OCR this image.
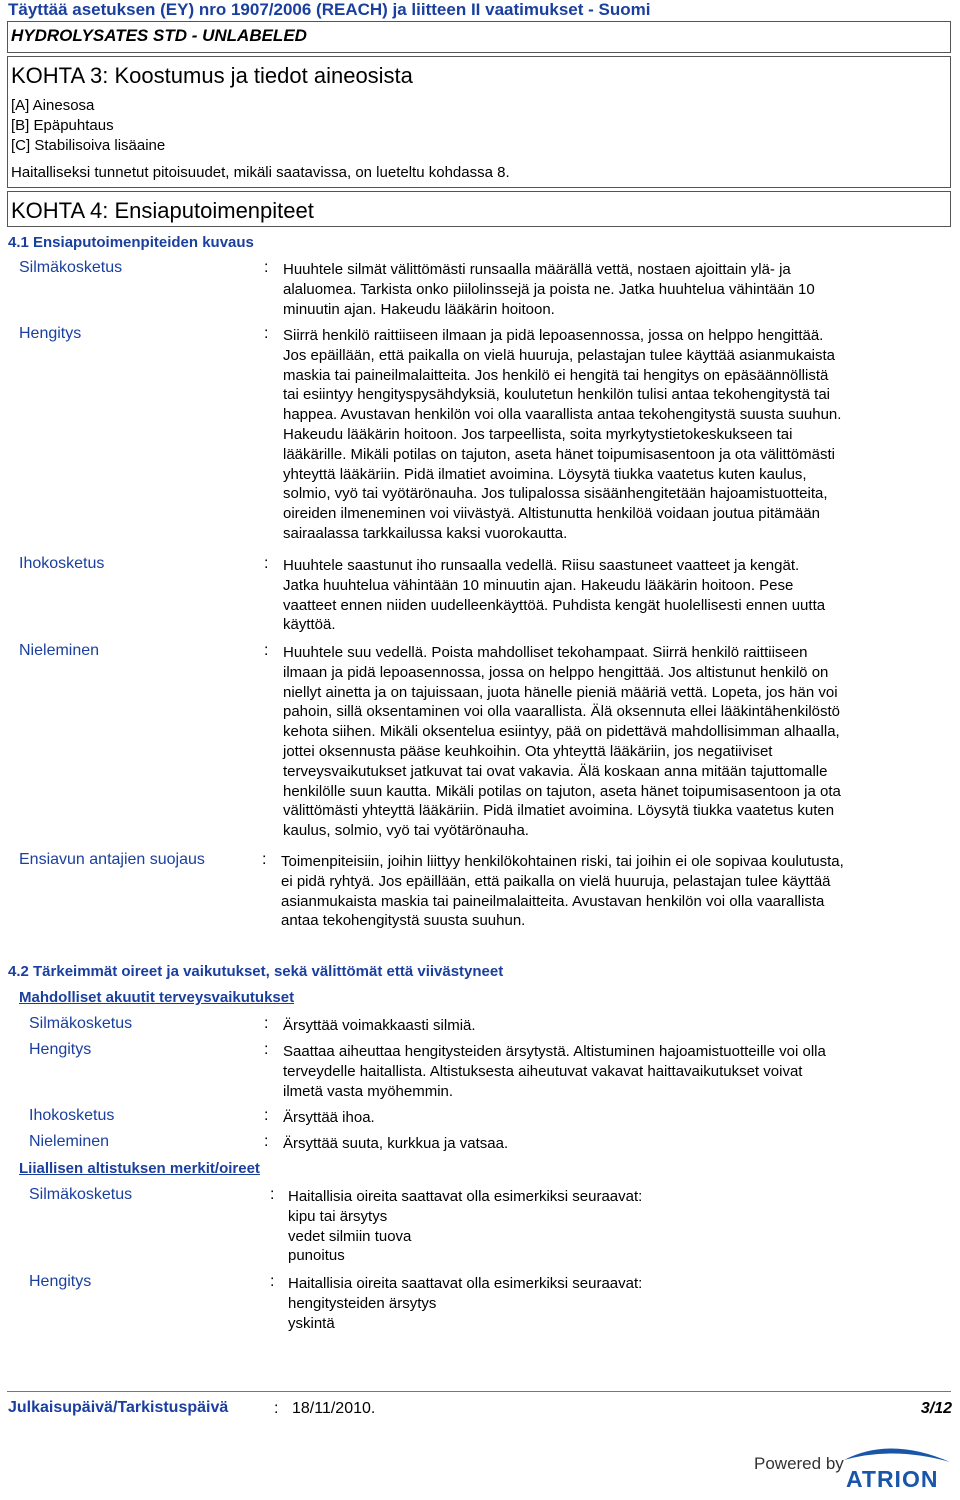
Täyttää asetuksen (EY) nro 1907/2006 (REACH) ja liitteen II vaatimukset - Suomi
HYDROLYSATES STD - UNLABELED
KOHTA 3: Koostumus ja tiedot aineosista
[A] Ainesosa
[B] Epäpuhtaus
[C] Stabilisoiva lisäaine
Haitalliseksi tunnetut pitoisuudet, mikäli saatavissa, on lueteltu kohdassa 8.
KOHTA 4: Ensiaputoimenpiteet
4.1 Ensiaputoimenpiteiden kuvaus
Silmäkosketus	: Huuhtele silmät välittömästi runsaalla määrällä vettä, nostaen ajoittain ylä- ja
alaluomea. Tarkista onko piilolinssejä ja poista ne. Jatka huuhtelua vähintään 10
minuutin ajan. Hakeudu lääkärin hoitoon.
Hengitys	: Siirrä henkilö raittiiseen ilmaan ja pidä lepoasennossa, jossa on helppo hengittää.
Jos epäillään, että paikalla on vielä huuruja, pelastajan tulee käyttää asianmukaista
maskia tai paineilmalaitteita. Jos henkilö ei hengitä tai hengitys on epäsäännöllistä
tai esiintyy hengityspysähdyksiä, koulutetun henkilön tulisi antaa tekohengitystä tai
happea. Avustavan henkilön voi olla vaarallista antaa tekohengitystä suusta suuhun.
Hakeudu lääkärin hoitoon. Jos tarpeellista, soita myrkytystietokeskukseen tai
lääkärille. Mikäli potilas on tajuton, aseta hänet toipumisasentoon ja ota välittömästi
yhteyttä lääkäriin. Pidä ilmatiet avoimina. Löysytä tiukka vaatetus kuten kaulus,
solmio, vyö tai vyötärönauha. Jos tulipalossa sisäänhengitetään hajoamistuotteita,
oireiden ilmeneminen voi viivästyä. Altistunutta henkilöä voidaan joutua pitämään
sairaalassa tarkkailussa kaksi vuorokautta.
Ihokosketus	: Huuhtele saastunut iho runsaalla vedellä. Riisu saastuneet vaatteet ja kengät.
Jatka huuhtelua vähintään 10 minuutin ajan. Hakeudu lääkärin hoitoon. Pese
vaatteet ennen niiden uudelleenkäyttöä. Puhdista kengät huolellisesti ennen uutta
käyttöä.
Nieleminen	: Huuhtele suu vedellä. Poista mahdolliset tekohampaat. Siirrä henkilö raittiiseen
ilmaan ja pidä lepoasennossa, jossa on helppo hengittää. Jos altistunut henkilö on
niellyt ainetta ja on tajuissaan, juota hänelle pieniä määriä vettä. Lopeta, jos hän voi
pahoin, sillä oksentaminen voi olla vaarallista. Älä oksennuta ellei lääkintähenkilöstö
kehota siihen. Mikäli oksentelua esiintyy, pää on pidettävä mahdollisimman alhaalla,
jottei oksennusta pääse keuhkoihin. Ota yhteyttä lääkäriin, jos negatiiviset
terveysvaikutukset jatkuvat tai ovat vakavia. Älä koskaan anna mitään tajuttomalle
henkilölle suun kautta. Mikäli potilas on tajuton, aseta hänet toipumisasentoon ja ota
välittömästi yhteyttä lääkäriin. Pidä ilmatiet avoimina. Löysytä tiukka vaatetus kuten
kaulus, solmio, vyö tai vyötärönauha.
Ensiavun antajien suojaus	: Toimenpiteisiin, joihin liittyy henkilökohtainen riski, tai joihin ei ole sopivaa koulutusta,
ei pidä ryhtyä. Jos epäillään, että paikalla on vielä huuruja, pelastajan tulee käyttää
asianmukaista maskia tai paineilmalaitteita. Avustavan henkilön voi olla vaarallista
antaa tekohengitystä suusta suuhun.
Silmäkosketus	: Ärsyttää voimakkaasti silmiä.
Hengitys	: Saattaa aiheuttaa hengitysteiden ärsytystä. Altistuminen hajoamistuotteille voi olla
terveydelle haitallista. Altistuksesta aiheutuvat vakavat haittavaikutukset voivat
ilmetä vasta myöhemmin.
Ihokosketus	: Ärsyttää ihoa.
Nieleminen	: Ärsyttää suuta, kurkkua ja vatsaa.
Silmäkosketus	: Haitallisia oireita saattavat olla esimerkiksi seuraavat:
kipu tai ärsytys
vedet silmiin tuova
punoitus
Hengitys	: Haitallisia oireita saattavat olla esimerkiksi seuraavat:
hengitysteiden ärsytys
yskintä
4.2 Tärkeimmät oireet ja vaikutukset, sekä välittömät että viivästyneet
Mahdolliset akuutit terveysvaikutukset
Liiallisen altistuksen merkit/oireet
Julkaisupäivä/Tarkistuspäivä	: 18/11/2010.	3/12
Powered by
ATRION
